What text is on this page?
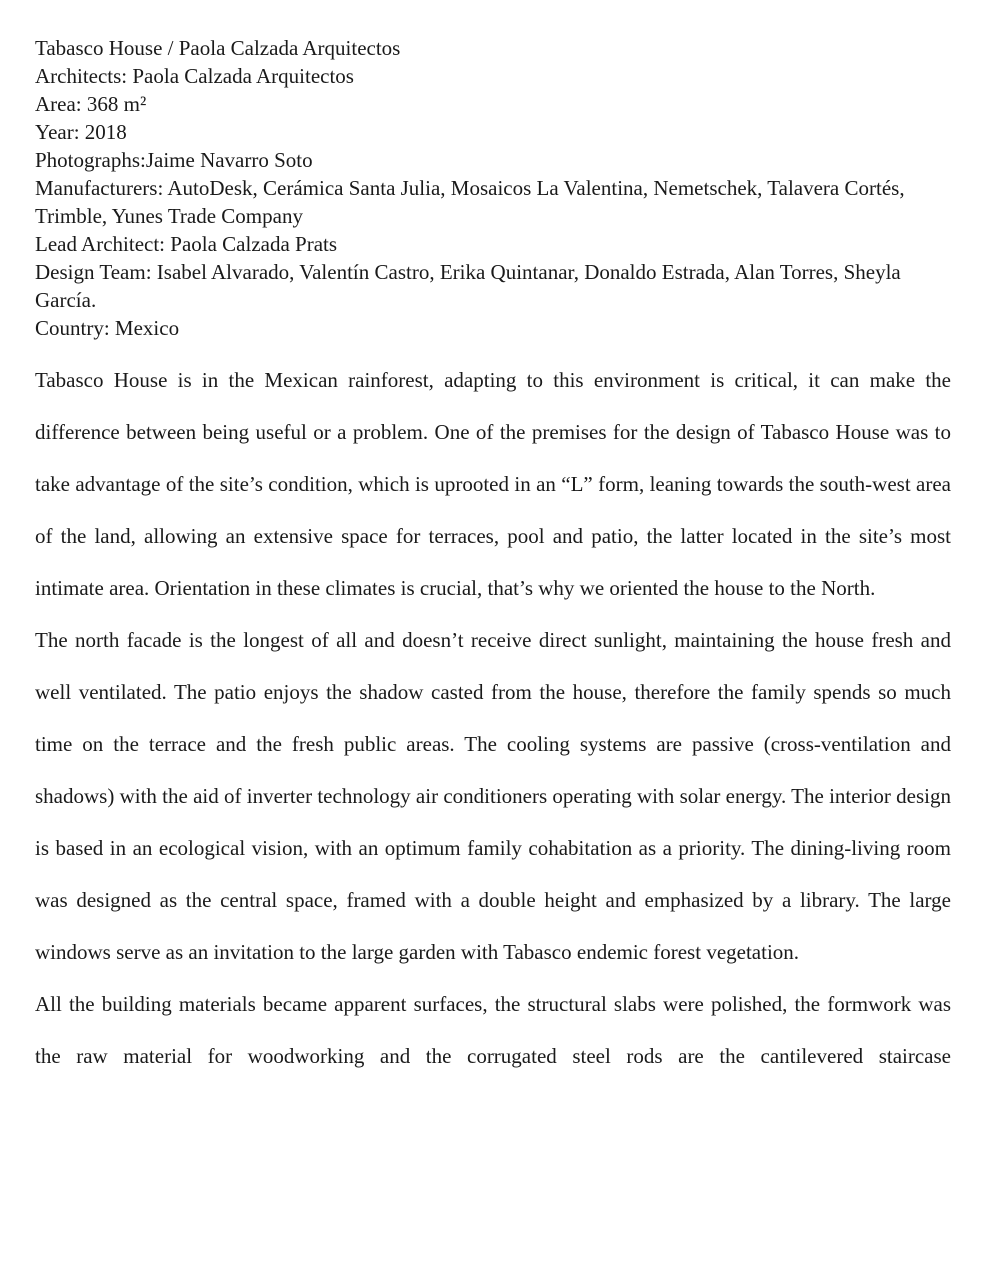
Tabasco House / Paola Calzada Arquitectos
Architects: Paola Calzada Arquitectos
Area: 368 m²
Year: 2018
Photographs:Jaime Navarro Soto
Manufacturers: AutoDesk, Cerámica Santa Julia, Mosaicos La Valentina, Nemetschek, Talavera Cortés, Trimble, Yunes Trade Company
Lead Architect: Paola Calzada Prats
Design Team: Isabel Alvarado, Valentín Castro, Erika Quintanar, Donaldo Estrada, Alan Torres, Sheyla García.
Country: Mexico

Tabasco House is in the Mexican rainforest, adapting to this environment is critical, it can make the difference between being useful or a problem. One of the premises for the design of Tabasco House was to take advantage of the site’s condition, which is uprooted in an “L” form, leaning towards the south-west area of the land, allowing an extensive space for terraces, pool and patio, the latter located in the site’s most intimate area. Orientation in these climates is crucial, that’s why we oriented the house to the North.

The north facade is the longest of all and doesn’t receive direct sunlight, maintaining the house fresh and well ventilated. The patio enjoys the shadow casted from the house, therefore the family spends so much time on the terrace and the fresh public areas. The cooling systems are passive (cross-ventilation and shadows) with the aid of inverter technology air conditioners operating with solar energy. The interior design is based in an ecological vision, with an optimum family cohabitation as a priority. The dining-living room was designed as the central space, framed with a double height and emphasized by a library. The large windows serve as an invitation to the large garden with Tabasco endemic forest vegetation.

All the building materials became apparent surfaces, the structural slabs were polished, the formwork was the raw material for woodworking and the corrugated steel rods are the cantilevered staircase
